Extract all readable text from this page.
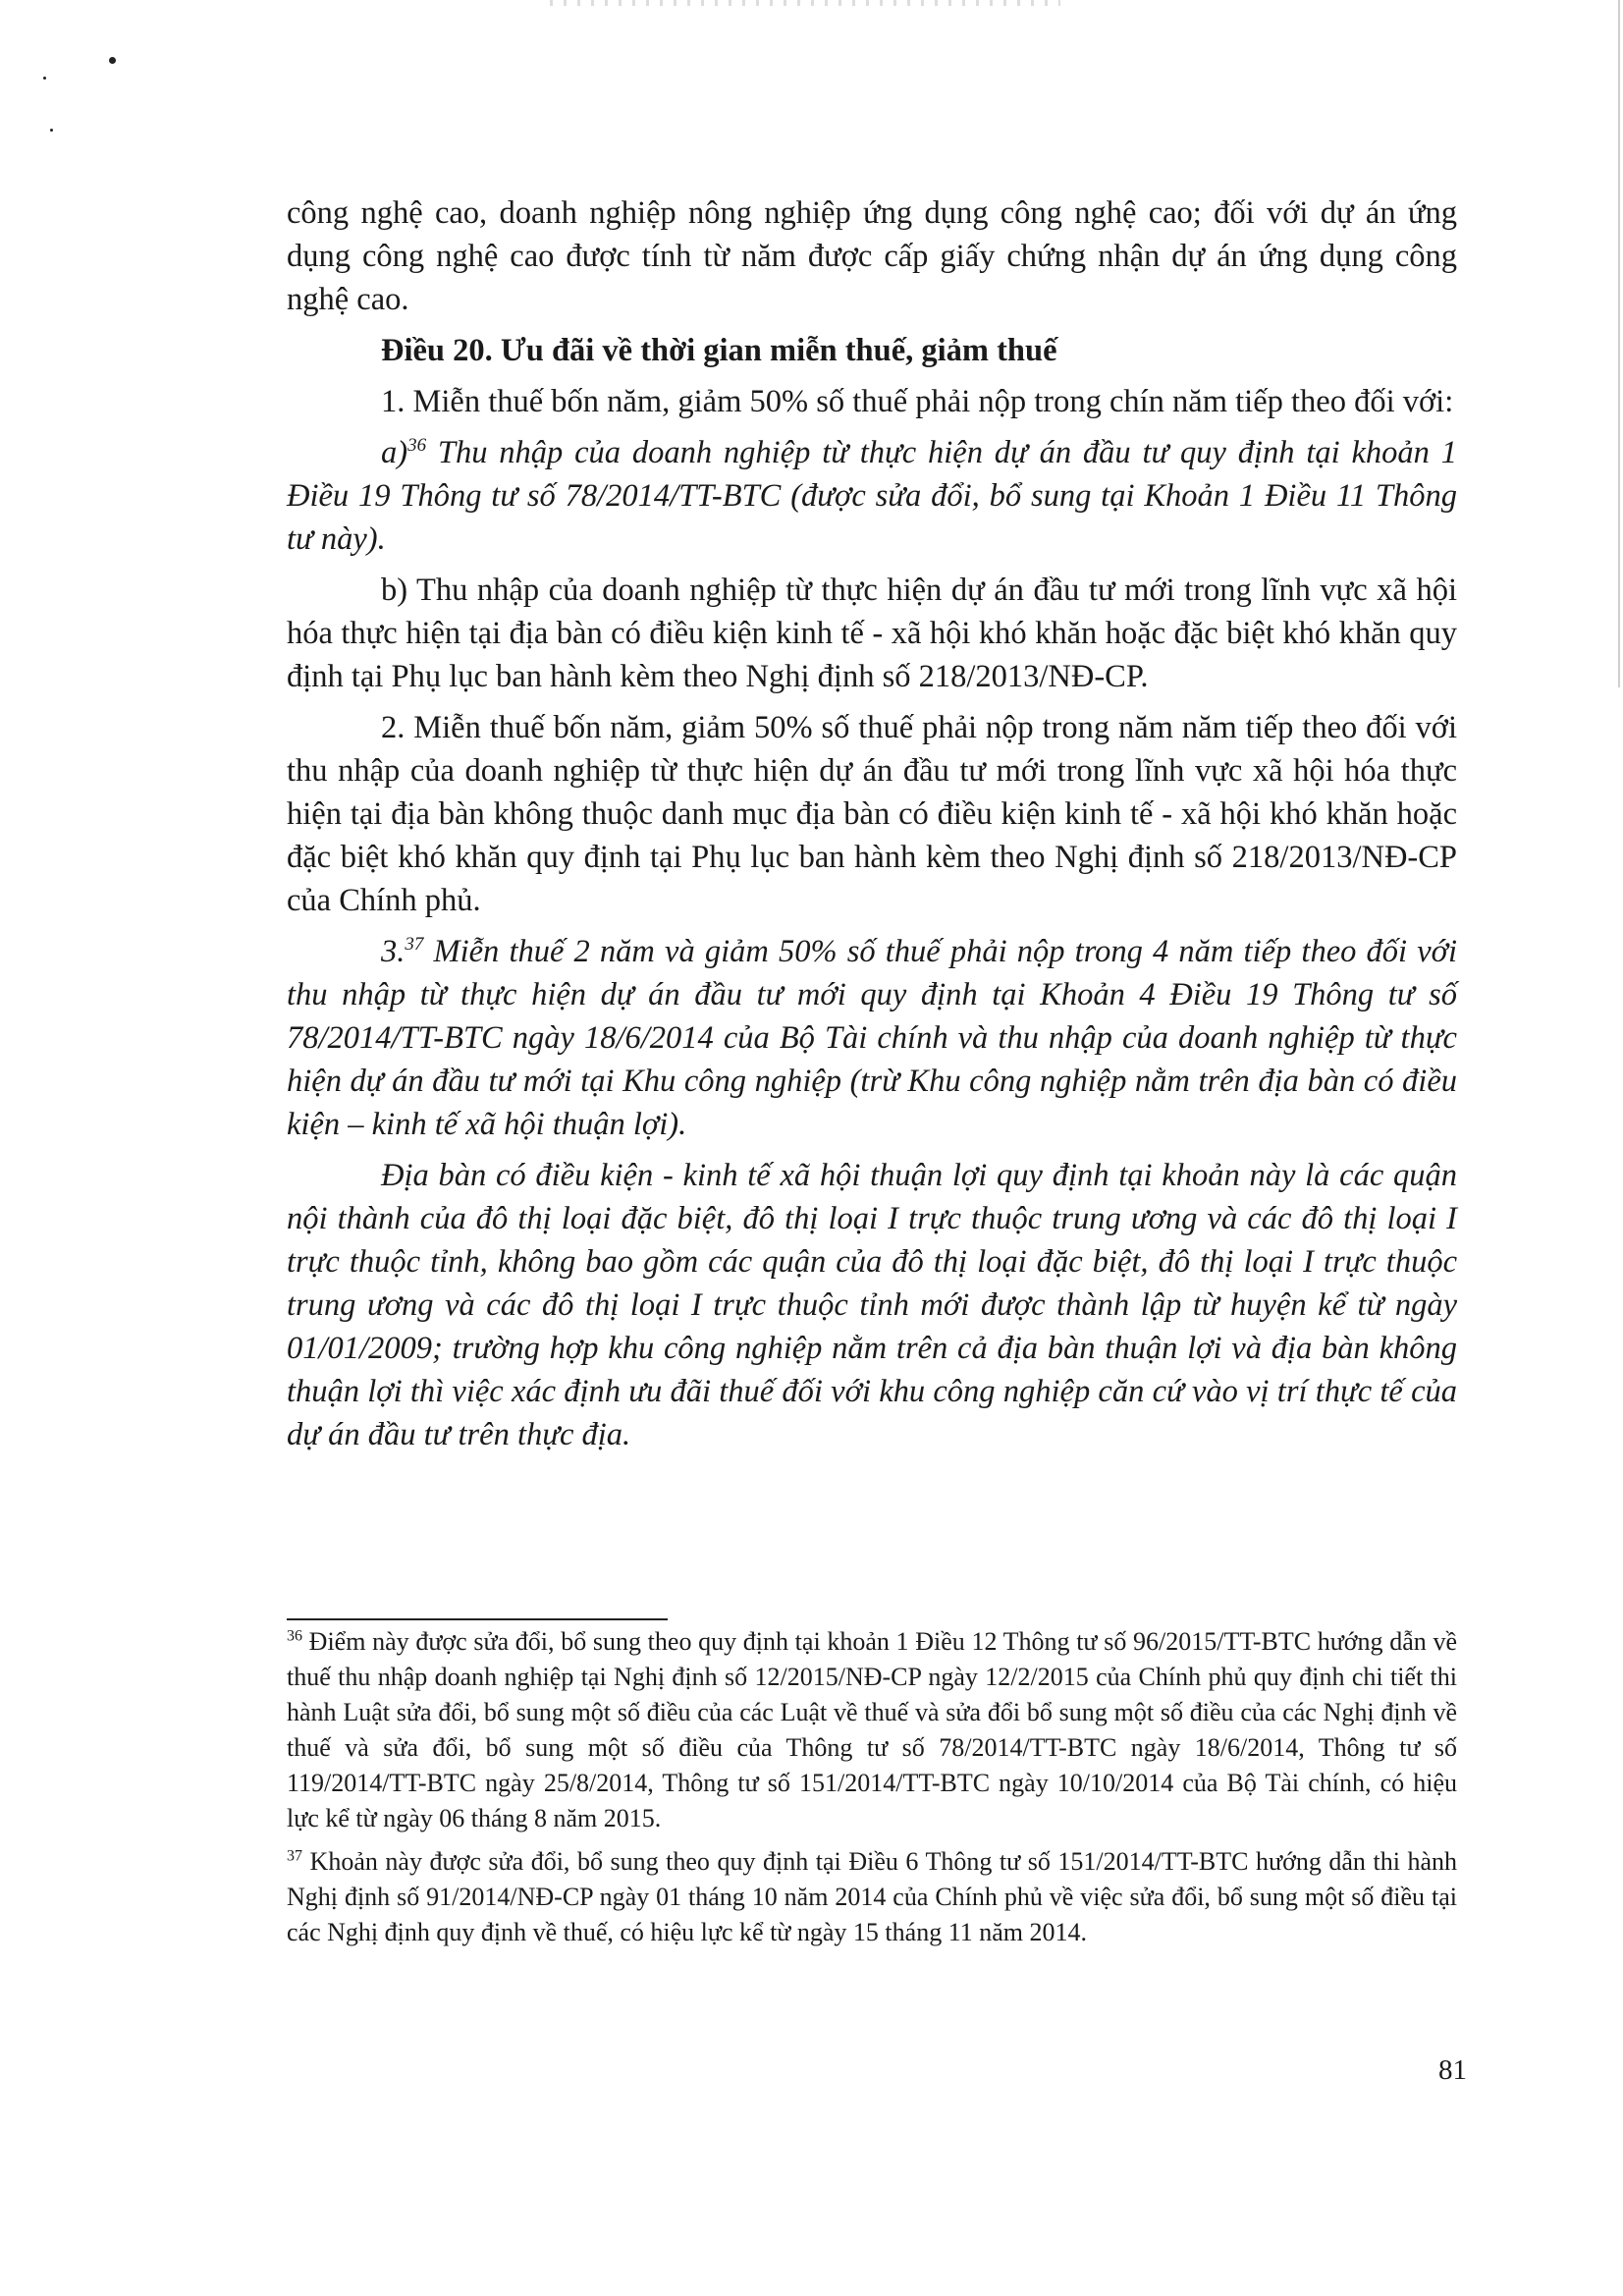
công nghệ cao, doanh nghiệp nông nghiệp ứng dụng công nghệ cao; đối với dự án ứng dụng công nghệ cao được tính từ năm được cấp giấy chứng nhận dự án ứng dụng công nghệ cao.

Điều 20. Ưu đãi về thời gian miễn thuế, giảm thuế

1. Miễn thuế bốn năm, giảm 50% số thuế phải nộp trong chín năm tiếp theo đối với:

a)$^{36}$ Thu nhập của doanh nghiệp từ thực hiện dự án đầu tư quy định tại khoản 1 Điều 19 Thông tư số 78/2014/TT-BTC (được sửa đổi, bổ sung tại Khoản 1 Điều 11 Thông tư này).

b) Thu nhập của doanh nghiệp từ thực hiện dự án đầu tư mới trong lĩnh vực xã hội hóa thực hiện tại địa bàn có điều kiện kinh tế - xã hội khó khăn hoặc đặc biệt khó khăn quy định tại Phụ lục ban hành kèm theo Nghị định số 218/2013/NĐ-CP.

2. Miễn thuế bốn năm, giảm 50% số thuế phải nộp trong năm năm tiếp theo đối với thu nhập của doanh nghiệp từ thực hiện dự án đầu tư mới trong lĩnh vực xã hội hóa thực hiện tại địa bàn không thuộc danh mục địa bàn có điều kiện kinh tế - xã hội khó khăn hoặc đặc biệt khó khăn quy định tại Phụ lục ban hành kèm theo Nghị định số 218/2013/NĐ-CP của Chính phủ.

3.37 Miễn thuế 2 năm và giảm 50% số thuế phải nộp trong 4 năm tiếp theo đối với thu nhập từ thực hiện dự án đầu tư mới quy định tại Khoản 4 Điều 19 Thông tư số 78/2014/TT-BTC ngày 18/6/2014 của Bộ Tài chính và thu nhập của doanh nghiệp từ thực hiện dự án đầu tư mới tại Khu công nghiệp (trừ Khu công nghiệp nằm trên địa bàn có điều kiện – kinh tế xã hội thuận lợi).

Địa bàn có điều kiện - kinh tế xã hội thuận lợi quy định tại khoản này là các quận nội thành của đô thị loại đặc biệt, đô thị loại I trực thuộc trung ương và các đô thị loại I trực thuộc tỉnh, không bao gồm các quận của đô thị loại đặc biệt, đô thị loại I trực thuộc trung ương và các đô thị loại I trực thuộc tỉnh mới được thành lập từ huyện kể từ ngày 01/01/2009; trường hợp khu công nghiệp nằm trên cả địa bàn thuận lợi và địa bàn không thuận lợi thì việc xác định ưu đãi thuế đối với khu công nghiệp căn cứ vào vị trí thực tế của dự án đầu tư trên thực địa.

$^{36}$ Điểm này được sửa đổi, bổ sung theo quy định tại khoản 1 Điều 12 Thông tư số 96/2015/TT-BTC hướng dẫn về thuế thu nhập doanh nghiệp tại Nghị định số 12/2015/NĐ-CP ngày 12/2/2015 của Chính phủ quy định chi tiết thi hành Luật sửa đổi, bổ sung một số điều của các Luật về thuế và sửa đổi bổ sung một số điều của các Nghị định về thuế và sửa đổi, bổ sung một số điều của Thông tư số 78/2014/TT-BTC ngày 18/6/2014, Thông tư số 119/2014/TT-BTC ngày 25/8/2014, Thông tư số 151/2014/TT-BTC ngày 10/10/2014 của Bộ Tài chính, có hiệu lực kể từ ngày 06 tháng 8 năm 2015.

$^{37}$ Khoản này được sửa đổi, bổ sung theo quy định tại Điều 6 Thông tư số 151/2014/TT-BTC hướng dẫn thi hành Nghị định số 91/2014/NĐ-CP ngày 01 tháng 10 năm 2014 của Chính phủ về việc sửa đổi, bổ sung một số điều tại các Nghị định quy định về thuế, có hiệu lực kể từ ngày 15 tháng 11 năm 2014.

81
